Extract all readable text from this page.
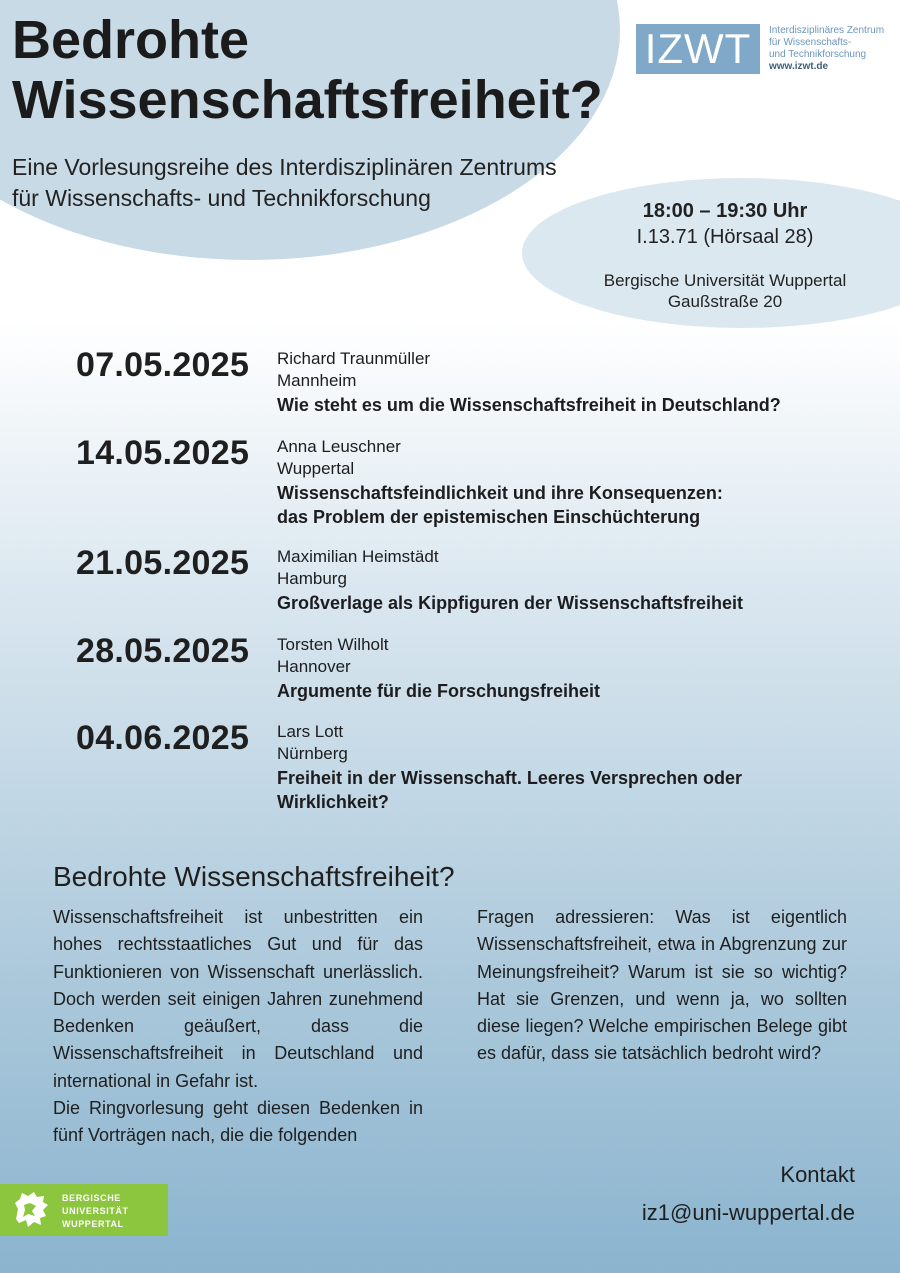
Bedrohte
Wissenschaftsfreiheit?
Eine Vorlesungsreihe des Interdisziplinären Zentrums
für Wissenschafts- und Technikforschung
IZWT	Interdisziplinäres Zentrum
für Wissenschafts-
und Technikforschung
www.izwt.de
18:00 – 19:30 Uhr
I.13.71 (Hörsaal 28)
Bergische Universität Wuppertal
Gaußstraße 20
07.05.2025 Richard Traunmüller
Mannheim
Wie steht es um die Wissenschaftsfreiheit in Deutschland?
14.05.2025 Anna Leuschner
Wuppertal
Wissenschaftsfeindlichkeit und ihre Konsequenzen:
das Problem der epistemischen Einschüchterung
21.05.2025 Maximilian Heimstädt
Hamburg
Großverlage als Kippfiguren der Wissenschaftsfreiheit
28.05.2025 Torsten Wilholt
Hannover
Argumente für die Forschungsfreiheit
04.06.2025 Lars Lott
Nürnberg
Freiheit in der Wissenschaft. Leeres Versprechen oder
Wirklichkeit?
Bedrohte Wissenschaftsfreiheit?

Wissenschaftsfreiheit ist unbestritten ein hohes rechtsstaatliches Gut und für das Funktionieren von Wissenschaft unerlässlich. Doch werden seit einigen Jahren zunehmend Bedenken geäußert, dass die Wissenschaftsfreiheit in Deutschland und international in Gefahr ist.

Die Ringvorlesung geht diesen Bedenken in fünf Vorträgen nach, die die folgenden

Fragen adressieren: Was ist eigentlich Wissenschaftsfreiheit, etwa in Abgrenzung zur Meinungsfreiheit? Warum ist sie so wichtig? Hat sie Grenzen, und wenn ja, wo sollten diese liegen? Welche empirischen Belege gibt es dafür, dass sie tatsächlich bedroht wird?

Kontakt
iz1@uni-wuppertal.de
BERGISCHE
UNIVERSITÄT
WUPPERTAL
